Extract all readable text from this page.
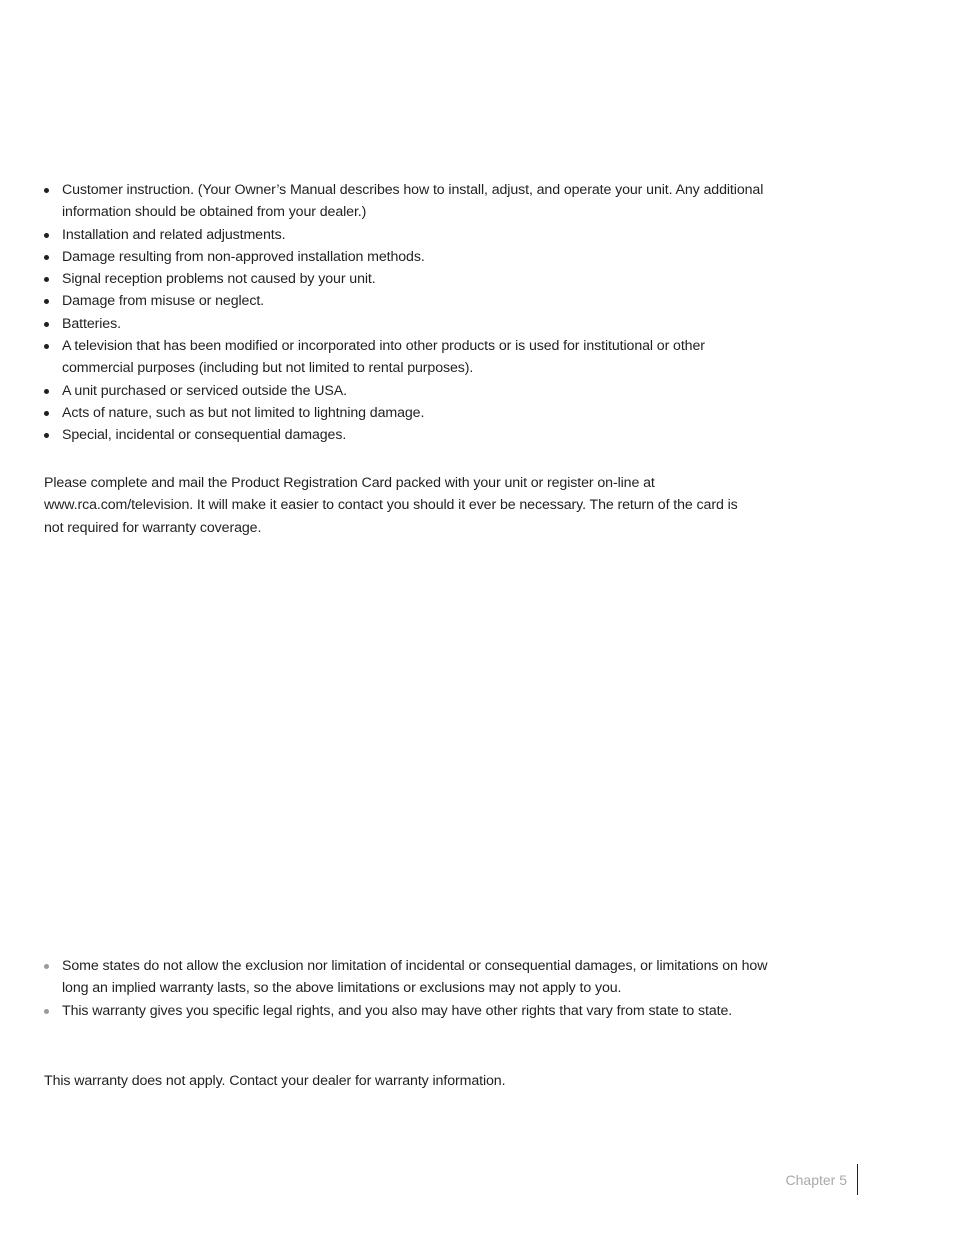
Customer instruction. (Your Owner’s Manual describes how to install, adjust, and operate your unit. Any additional information should be obtained from your dealer.)
Installation and related adjustments.
Damage resulting from non-approved installation methods.
Signal reception problems not caused by your unit.
Damage from misuse or neglect.
Batteries.
A television that has been modified or incorporated into other products or is used for institutional or other commercial purposes (including but not limited to rental purposes).
A unit purchased or serviced outside the USA.
Acts of nature, such as but not limited to lightning damage.
Special, incidental or consequential damages.

Please complete and mail the Product Registration Card packed with your unit or register on-line at www.rca.com/television. It will make it easier to contact you should it ever be necessary. The return of the card is not required for warranty coverage.

Some states do not allow the exclusion nor limitation of incidental or consequential damages, or limitations on how long an implied warranty lasts, so the above limitations or exclusions may not apply to you.
This warranty gives you specific legal rights, and you also may have other rights that vary from state to state.

This warranty does not apply. Contact your dealer for warranty information.

Chapter 5
